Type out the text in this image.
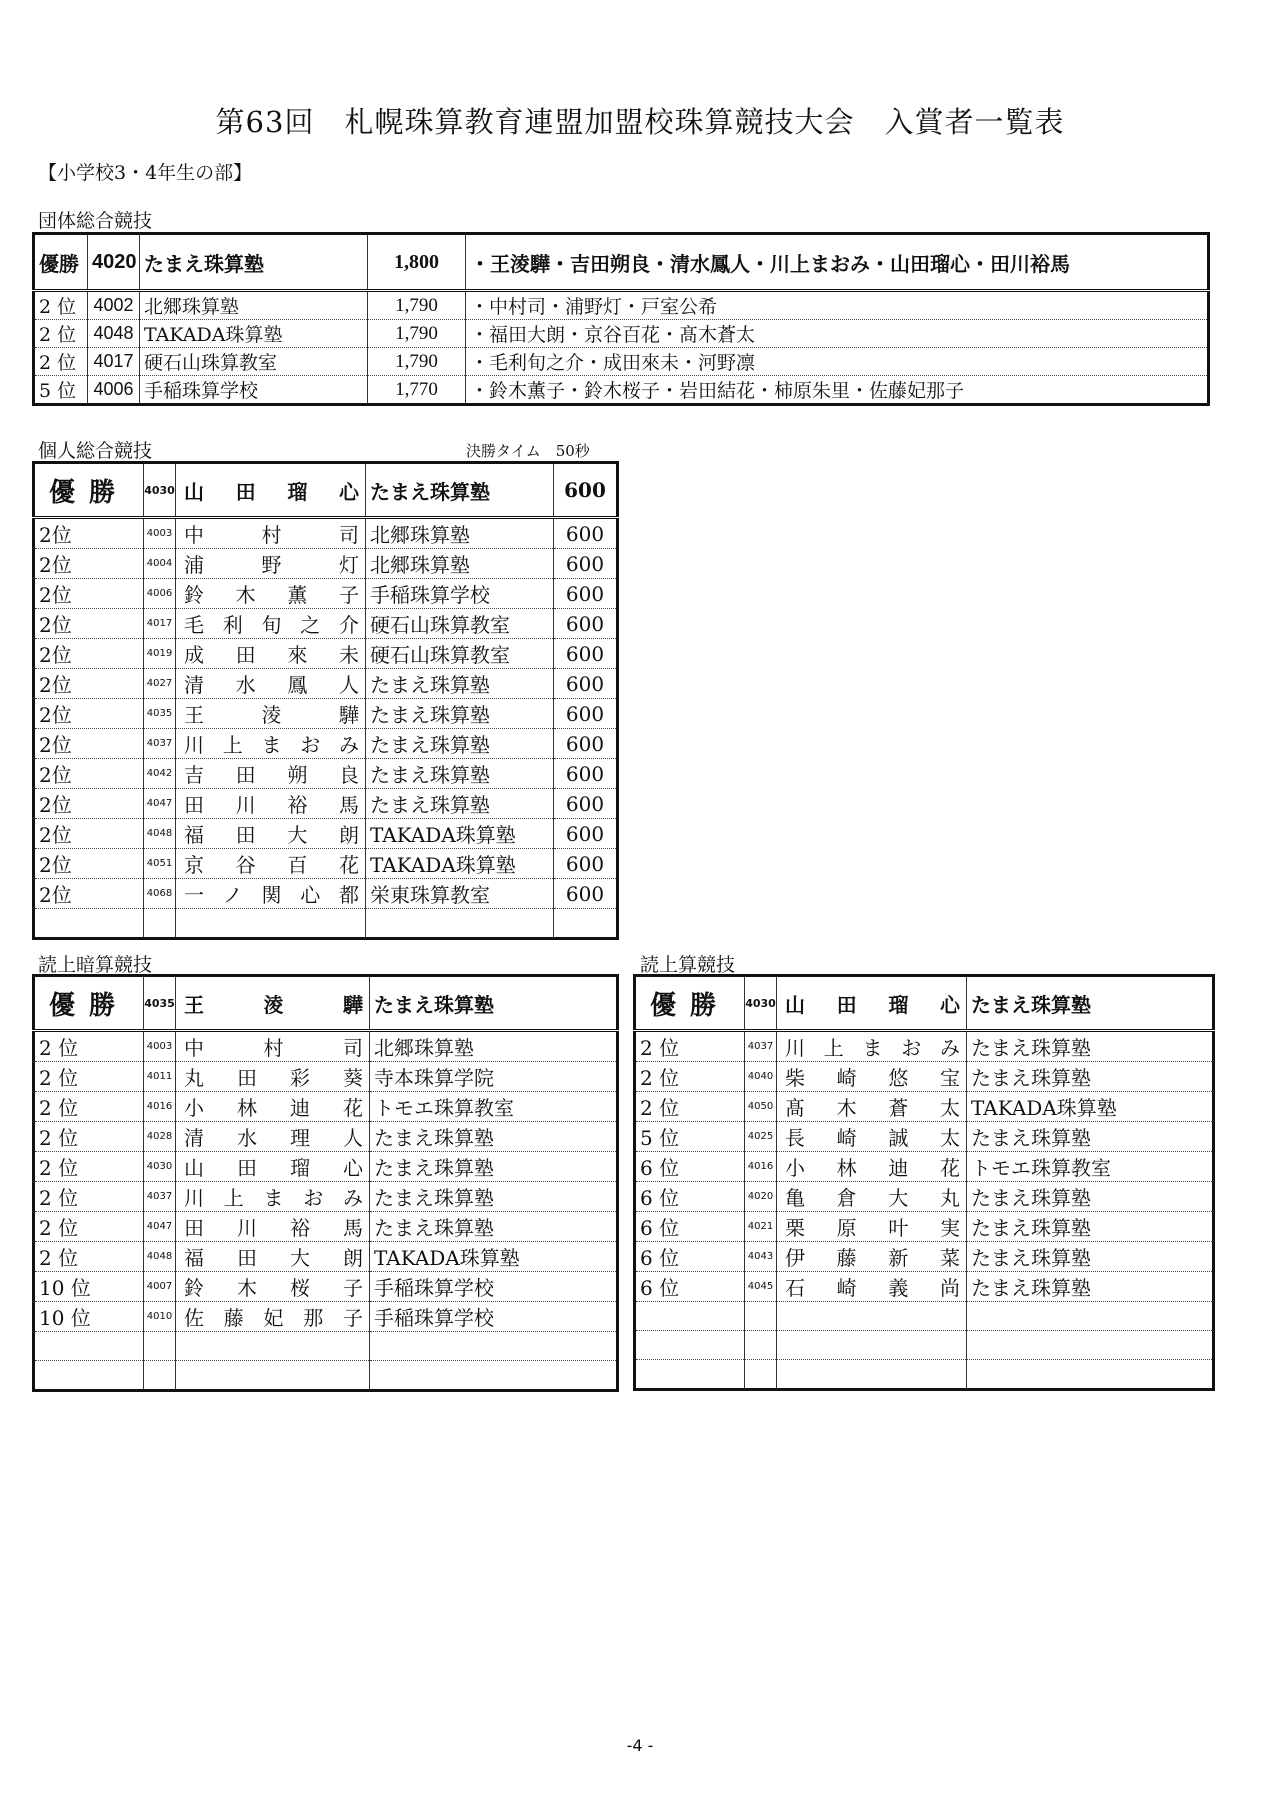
第63回　札幌珠算教育連盟加盟校珠算競技大会　入賞者一覧表
【小学校3・4年生の部】
団体総合競技
優勝	4020	たまえ珠算塾	1,800	・王淩驊・吉田朔良・清水鳳人・川上まおみ・山田瑠心・田川裕馬
2 位	4002	北郷珠算塾	1,790	・中村司・浦野灯・戸室公希
2 位	4048	TAKADA珠算塾	1,790	・福田大朗・京谷百花・髙木蒼太
2 位	4017	硬石山珠算教室	1,790	・毛利旬之介・成田來未・河野凛
5 位	4006	手稲珠算学校	1,770	・鈴木薫子・鈴木桜子・岩田結花・柿原朱里・佐藤妃那子
個人総合競技	決勝タイム　50秒
優勝	4030	山田瑠心	たまえ珠算塾	600
2位	4003	中村司	北郷珠算塾	600
2位	4004	浦野灯	北郷珠算塾	600
2位	4006	鈴木薫子	手稲珠算学校	600
2位	4017	毛利旬之介	硬石山珠算教室	600
2位	4019	成田來未	硬石山珠算教室	600
2位	4027	清水鳳人	たまえ珠算塾	600
2位	4035	王淩驊	たまえ珠算塾	600
2位	4037	川上まおみ	たまえ珠算塾	600
2位	4042	吉田朔良	たまえ珠算塾	600
2位	4047	田川裕馬	たまえ珠算塾	600
2位	4048	福田大朗	TAKADA珠算塾	600
2位	4051	京谷百花	TAKADA珠算塾	600
2位	4068	一ノ関心都	栄東珠算教室	600

読上暗算競技
優勝	4035	王淩驊	たまえ珠算塾
2 位	4003	中村司	北郷珠算塾
2 位	4011	丸田彩葵	寺本珠算学院
2 位	4016	小林迪花	トモエ珠算教室
2 位	4028	清水理人	たまえ珠算塾
2 位	4030	山田瑠心	たまえ珠算塾
2 位	4037	川上まおみ	たまえ珠算塾
2 位	4047	田川裕馬	たまえ珠算塾
2 位	4048	福田大朗	TAKADA珠算塾
10 位	4007	鈴木桜子	手稲珠算学校
10 位	4010	佐藤妃那子	手稲珠算学校

読上算競技
優勝	4030	山田瑠心	たまえ珠算塾
2 位	4037	川上まおみ	たまえ珠算塾
2 位	4040	柴崎悠宝	たまえ珠算塾
2 位	4050	髙木蒼太	TAKADA珠算塾
5 位	4025	長崎誠太	たまえ珠算塾
6 位	4016	小林迪花	トモエ珠算教室
6 位	4020	亀倉大丸	たまえ珠算塾
6 位	4021	栗原叶実	たまえ珠算塾
6 位	4043	伊藤新菜	たまえ珠算塾
6 位	4045	石崎義尚	たまえ珠算塾

-4 -
